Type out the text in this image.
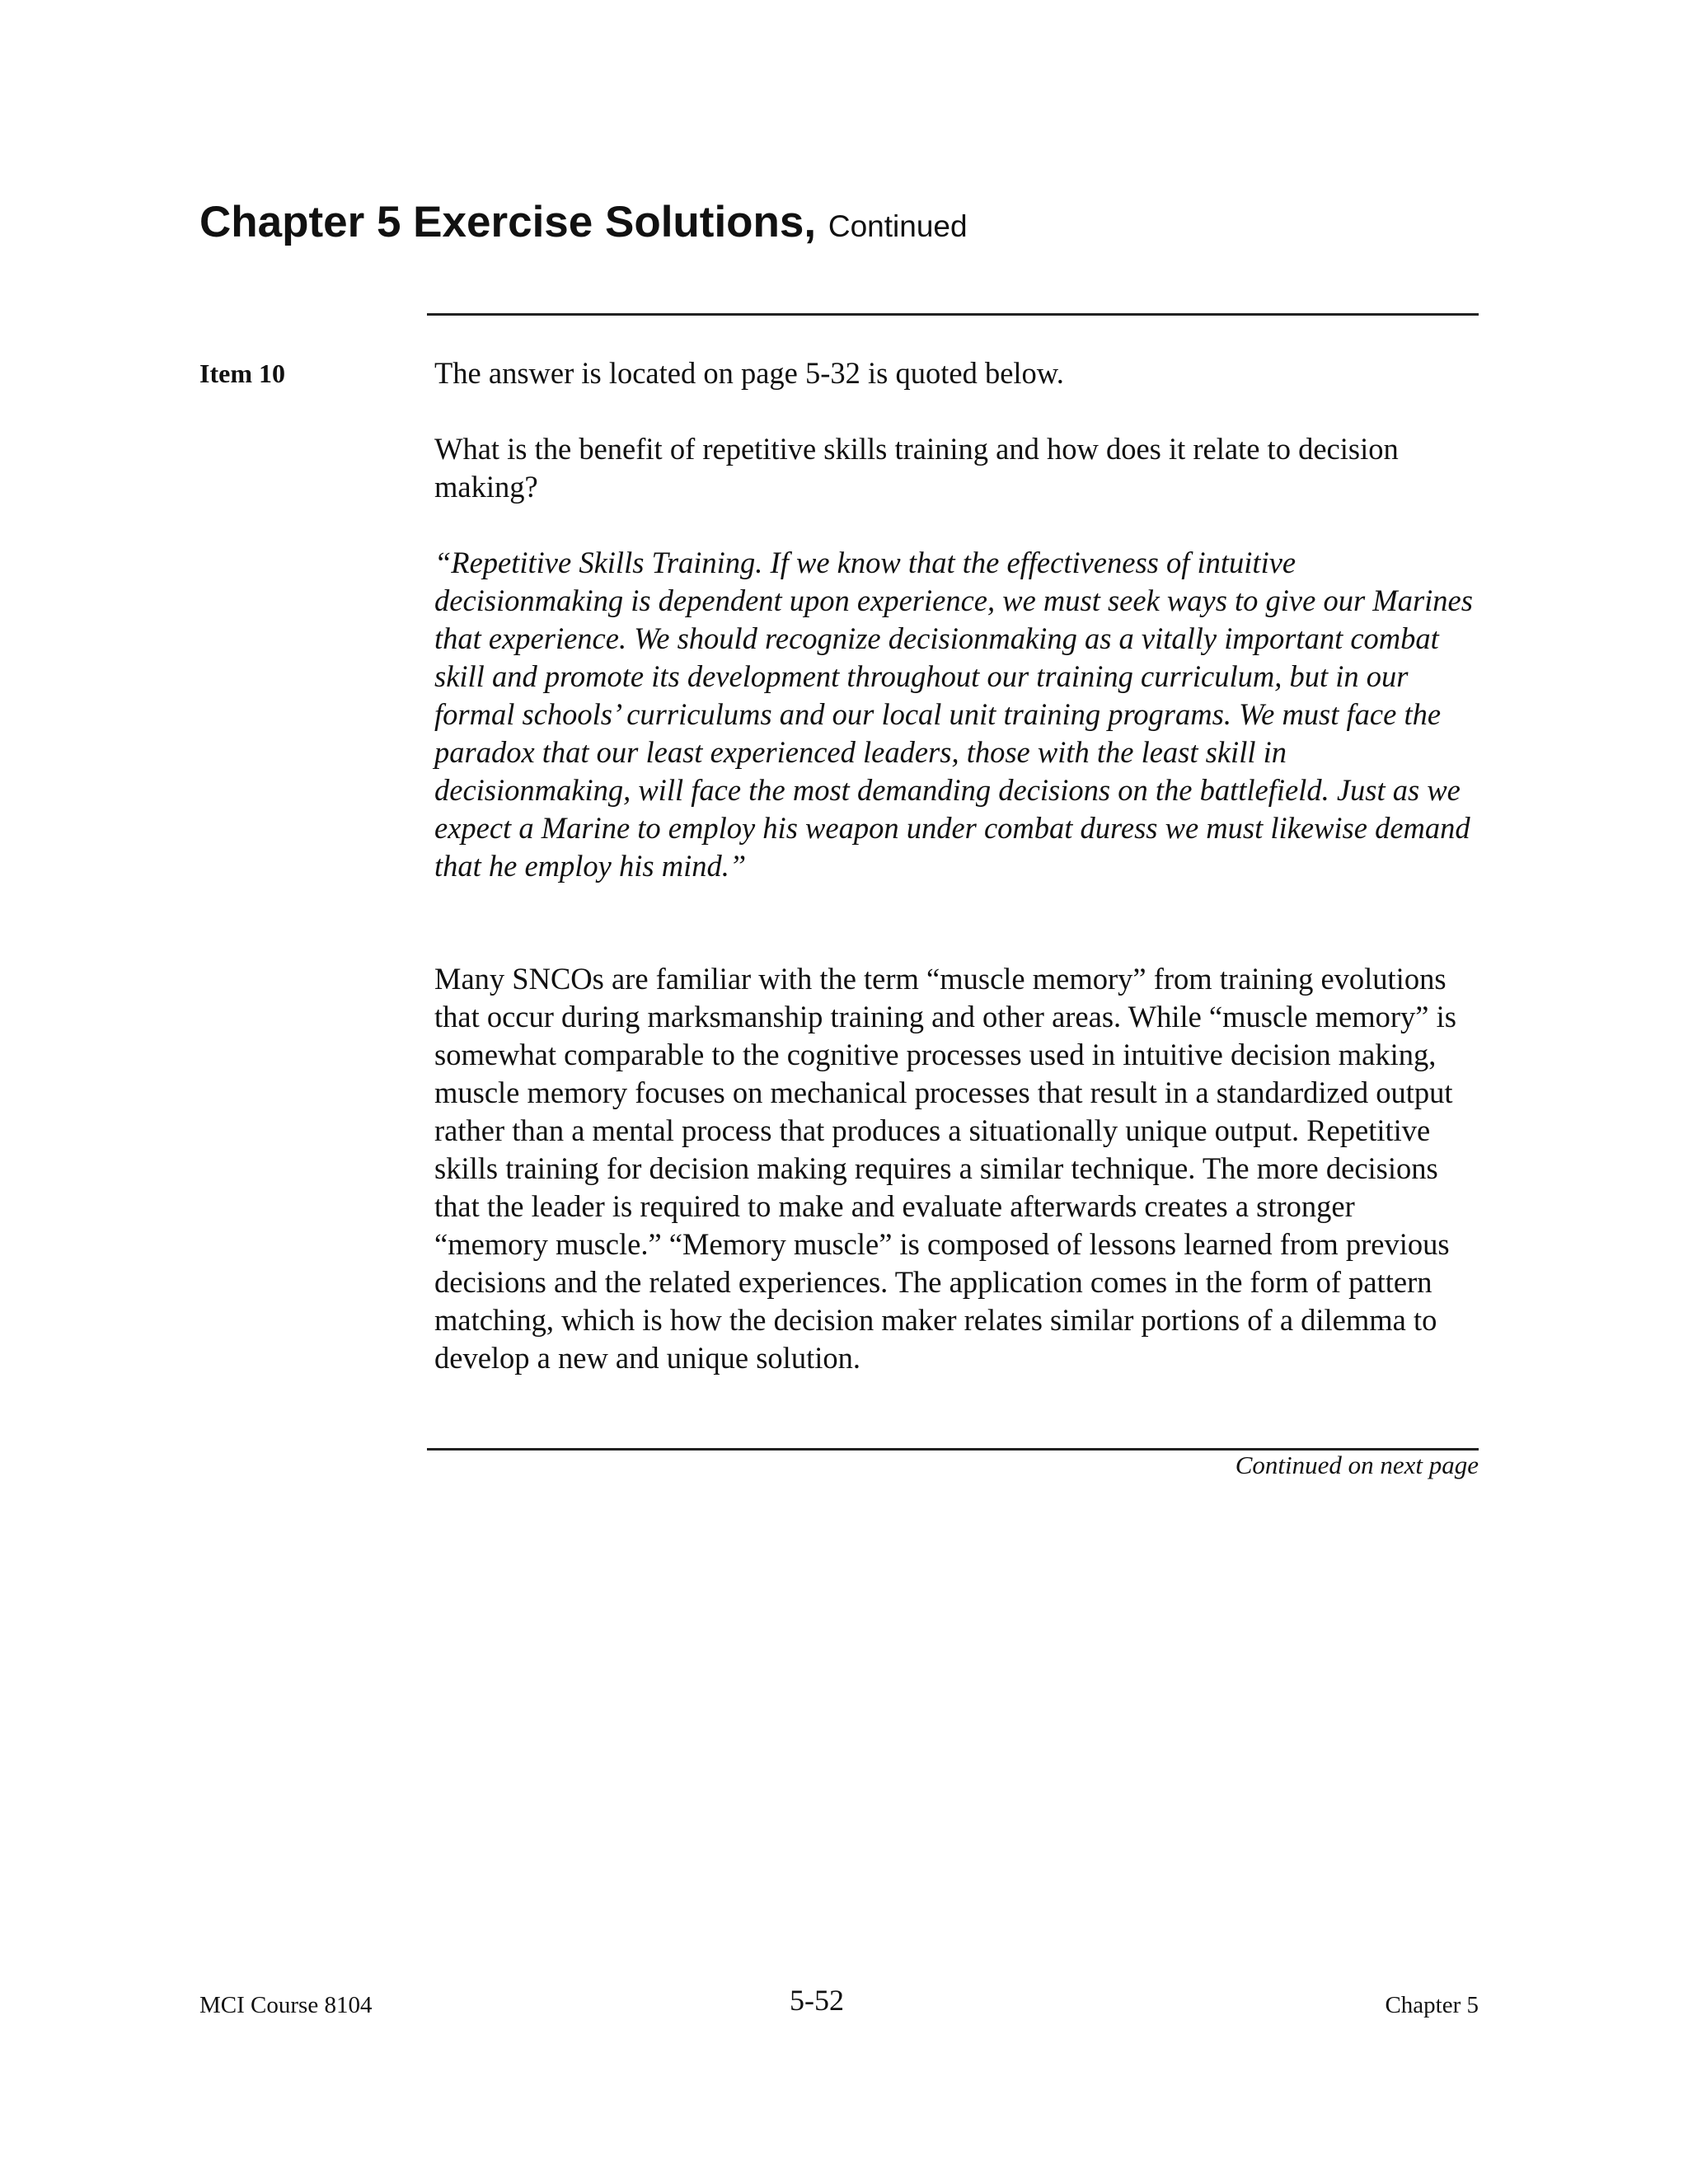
Chapter 5 Exercise Solutions, Continued
Item 10	The answer is located on page 5-32 is quoted below.

What is the benefit of repetitive skills training and how does it relate to decision making?

“Repetitive Skills Training. If we know that the effectiveness of intuitive decisionmaking is dependent upon experience, we must seek ways to give our Marines that experience. We should recognize decisionmaking as a vitally important combat skill and promote its development throughout our training curriculum, but in our formal schools’ curriculums and our local unit training programs. We must face the paradox that our least experienced leaders, those with the least skill in decisionmaking, will face the most demanding decisions on the battlefield. Just as we expect a Marine to employ his weapon under combat duress we must likewise demand that he employ his mind.”

Many SNCOs are familiar with the term “muscle memory” from training evolutions that occur during marksmanship training and other areas. While “muscle memory” is somewhat comparable to the cognitive processes used in intuitive decision making, muscle memory focuses on mechanical processes that result in a standardized output rather than a mental process that produces a situationally unique output. Repetitive skills training for decision making requires a similar technique. The more decisions that the leader is required to make and evaluate afterwards creates a stronger “memory muscle.” “Memory muscle” is composed of lessons learned from previous decisions and the related experiences. The application comes in the form of pattern matching, which is how the decision maker relates similar portions of a dilemma to develop a new and unique solution.

Continued on next page
MCI Course 8104	5-52	Chapter 5
